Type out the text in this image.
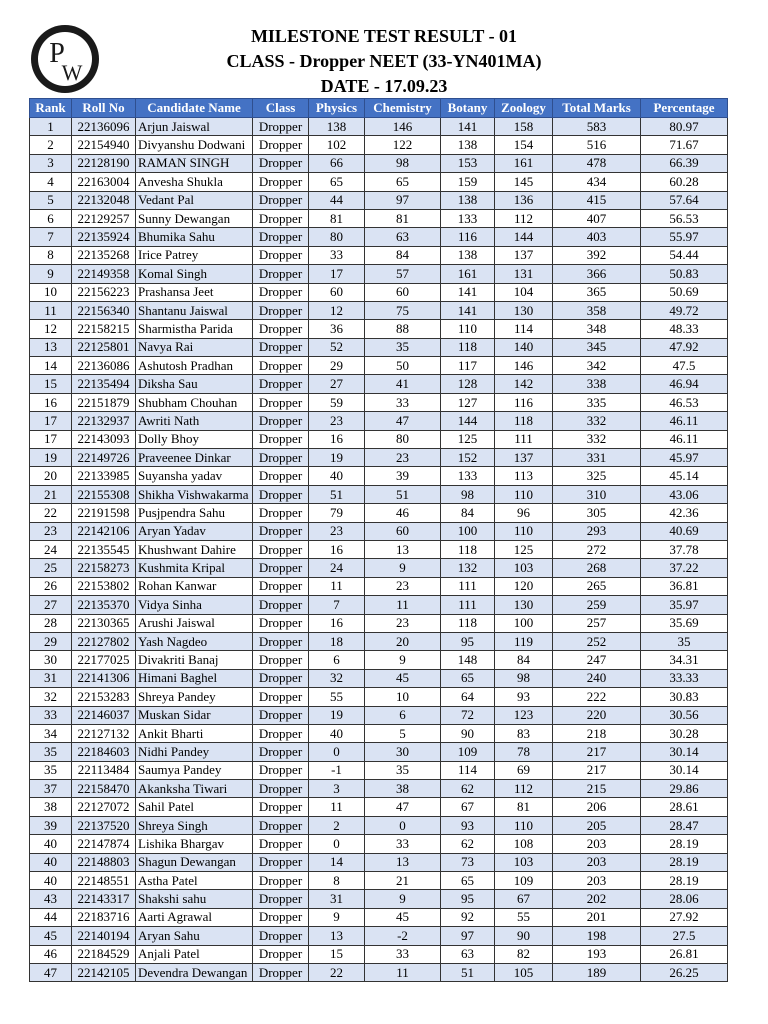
P
W
MILESTONE TEST RESULT - 01
CLASS - Dropper NEET (33-YN401MA)
DATE - 17.09.23
Rank	Roll No	Candidate Name	Class	Physics	Chemistry	Botany	Zoology	Total Marks	Percentage
1	22136096	Arjun Jaiswal	Dropper	138	146	141	158	583	80.97
2	22154940	Divyanshu Dodwani	Dropper	102	122	138	154	516	71.67
3	22128190	RAMAN SINGH	Dropper	66	98	153	161	478	66.39
4	22163004	Anvesha Shukla	Dropper	65	65	159	145	434	60.28
5	22132048	Vedant Pal	Dropper	44	97	138	136	415	57.64
6	22129257	Sunny Dewangan	Dropper	81	81	133	112	407	56.53
7	22135924	Bhumika Sahu	Dropper	80	63	116	144	403	55.97
8	22135268	Irice Patrey	Dropper	33	84	138	137	392	54.44
9	22149358	Komal Singh	Dropper	17	57	161	131	366	50.83
10	22156223	Prashansa Jeet	Dropper	60	60	141	104	365	50.69
11	22156340	Shantanu Jaiswal	Dropper	12	75	141	130	358	49.72
12	22158215	Sharmistha Parida	Dropper	36	88	110	114	348	48.33
13	22125801	Navya Rai	Dropper	52	35	118	140	345	47.92
14	22136086	Ashutosh Pradhan	Dropper	29	50	117	146	342	47.5
15	22135494	Diksha Sau	Dropper	27	41	128	142	338	46.94
16	22151879	Shubham Chouhan	Dropper	59	33	127	116	335	46.53
17	22132937	Awriti Nath	Dropper	23	47	144	118	332	46.11
17	22143093	Dolly Bhoy	Dropper	16	80	125	111	332	46.11
19	22149726	Praveenee Dinkar	Dropper	19	23	152	137	331	45.97
20	22133985	Suyansha yadav	Dropper	40	39	133	113	325	45.14
21	22155308	Shikha Vishwakarma	Dropper	51	51	98	110	310	43.06
22	22191598	Pusjpendra Sahu	Dropper	79	46	84	96	305	42.36
23	22142106	Aryan Yadav	Dropper	23	60	100	110	293	40.69
24	22135545	Khushwant Dahire	Dropper	16	13	118	125	272	37.78
25	22158273	Kushmita Kripal	Dropper	24	9	132	103	268	37.22
26	22153802	Rohan Kanwar	Dropper	11	23	111	120	265	36.81
27	22135370	Vidya Sinha	Dropper	7	11	111	130	259	35.97
28	22130365	Arushi Jaiswal	Dropper	16	23	118	100	257	35.69
29	22127802	Yash Nagdeo	Dropper	18	20	95	119	252	35
30	22177025	Divakriti Banaj	Dropper	6	9	148	84	247	34.31
31	22141306	Himani Baghel	Dropper	32	45	65	98	240	33.33
32	22153283	Shreya Pandey	Dropper	55	10	64	93	222	30.83
33	22146037	Muskan Sidar	Dropper	19	6	72	123	220	30.56
34	22127132	Ankit Bharti	Dropper	40	5	90	83	218	30.28
35	22184603	Nidhi Pandey	Dropper	0	30	109	78	217	30.14
35	22113484	Saumya Pandey	Dropper	-1	35	114	69	217	30.14
37	22158470	Akanksha Tiwari	Dropper	3	38	62	112	215	29.86
38	22127072	Sahil Patel	Dropper	11	47	67	81	206	28.61
39	22137520	Shreya Singh	Dropper	2	0	93	110	205	28.47
40	22147874	Lishika Bhargav	Dropper	0	33	62	108	203	28.19
40	22148803	Shagun Dewangan	Dropper	14	13	73	103	203	28.19
40	22148551	Astha Patel	Dropper	8	21	65	109	203	28.19
43	22143317	Shakshi sahu	Dropper	31	9	95	67	202	28.06
44	22183716	Aarti Agrawal	Dropper	9	45	92	55	201	27.92
45	22140194	Aryan Sahu	Dropper	13	-2	97	90	198	27.5
46	22184529	Anjali Patel	Dropper	15	33	63	82	193	26.81
47	22142105	Devendra Dewangan	Dropper	22	11	51	105	189	26.25
